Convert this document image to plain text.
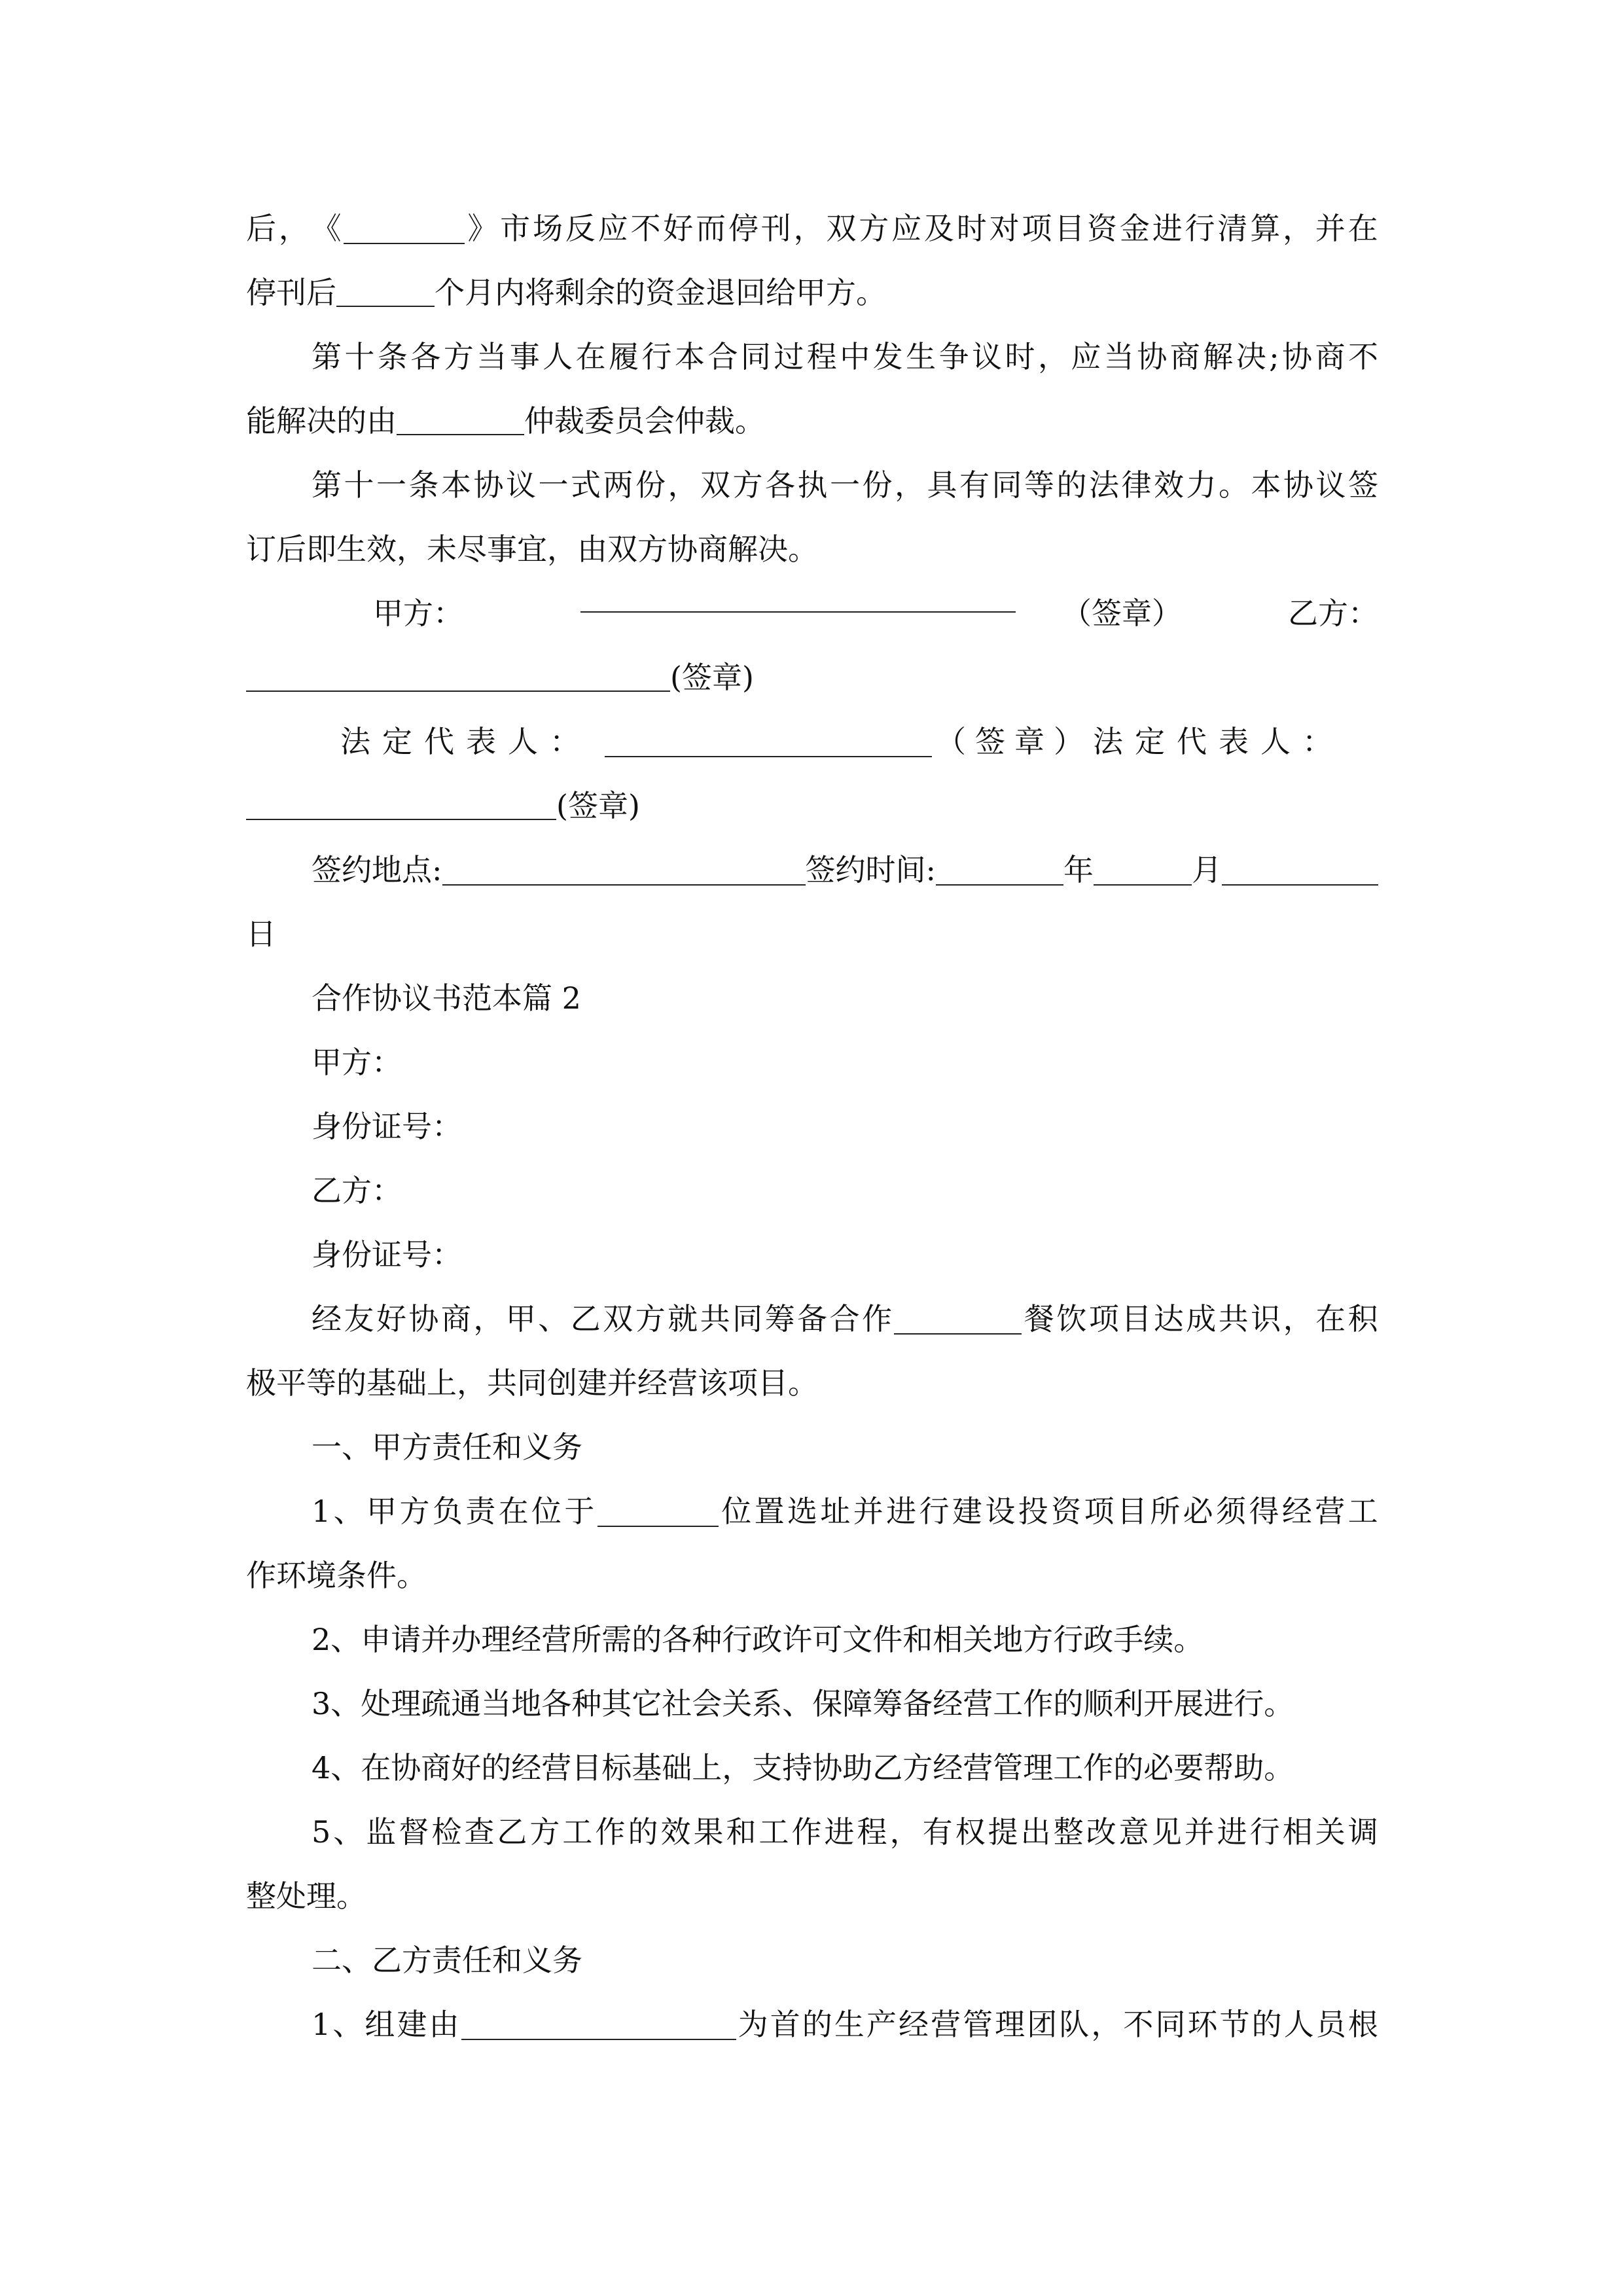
后 ， 《	》 市 场 反 应 不 好 而 停 刊 ， 双 方 应 及 时 对 项 目 资 金 进 行 清 算 ， 并 在
停刊后	个月内将剩余的资金退回给甲方。
第 十 条 各 方 当 事 人 在 履 行 本 合 同 过 程 中 发 生 争 议 时 ， 应 当 协 商 解 决 ; 协 商 不
能解决的由	仲裁委员会仲裁。
第 十 一 条 本 协 议 一 式 两 份 ， 双 方 各 执 一 份 ， 具 有 同 等 的 法 律 效 力 。 本 协 议 签
订后即生效，未尽事宜，由双方协商解决。
甲方：	（签章）	乙方：
(签章)
法定代表人：	（签章） 法定代表人：
(签章)
签约地点:	签约时间:	年	月
日
合作协议书范本篇 2
甲方：
身份证号：
乙方：
身份证号：
经 友 好 协 商 ， 甲 、 乙 双 方 就 共 同 筹 备 合 作	餐 饮 项 目 达 成 共 识 ， 在 积
极平等的基础上，共同创建并经营该项目。
一、甲方责任和义务
1 、 甲 方 负 责 在 位 于	位 置 选 址 并 进 行 建 设 投 资 项 目 所 必 须 得 经 营 工
作环境条件。
2、申请并办理经营所需的各种行政许可文件和相关地方行政手续。
3、处理疏通当地各种其它社会关系、保障筹备经营工作的顺利开展进行。
4、在协商好的经营目标基础上，支持协助乙方经营管理工作的必要帮助。
5 、 监 督 检 查 乙 方 工 作 的 效 果 和 工 作 进 程 ， 有 权 提 出 整 改 意 见 并 进 行 相 关 调
整处理。
二、乙方责任和义务
1 、 组 建 由	为 首 的 生 产 经 营 管 理 团 队 ， 不 同 环 节 的 人 员 根
